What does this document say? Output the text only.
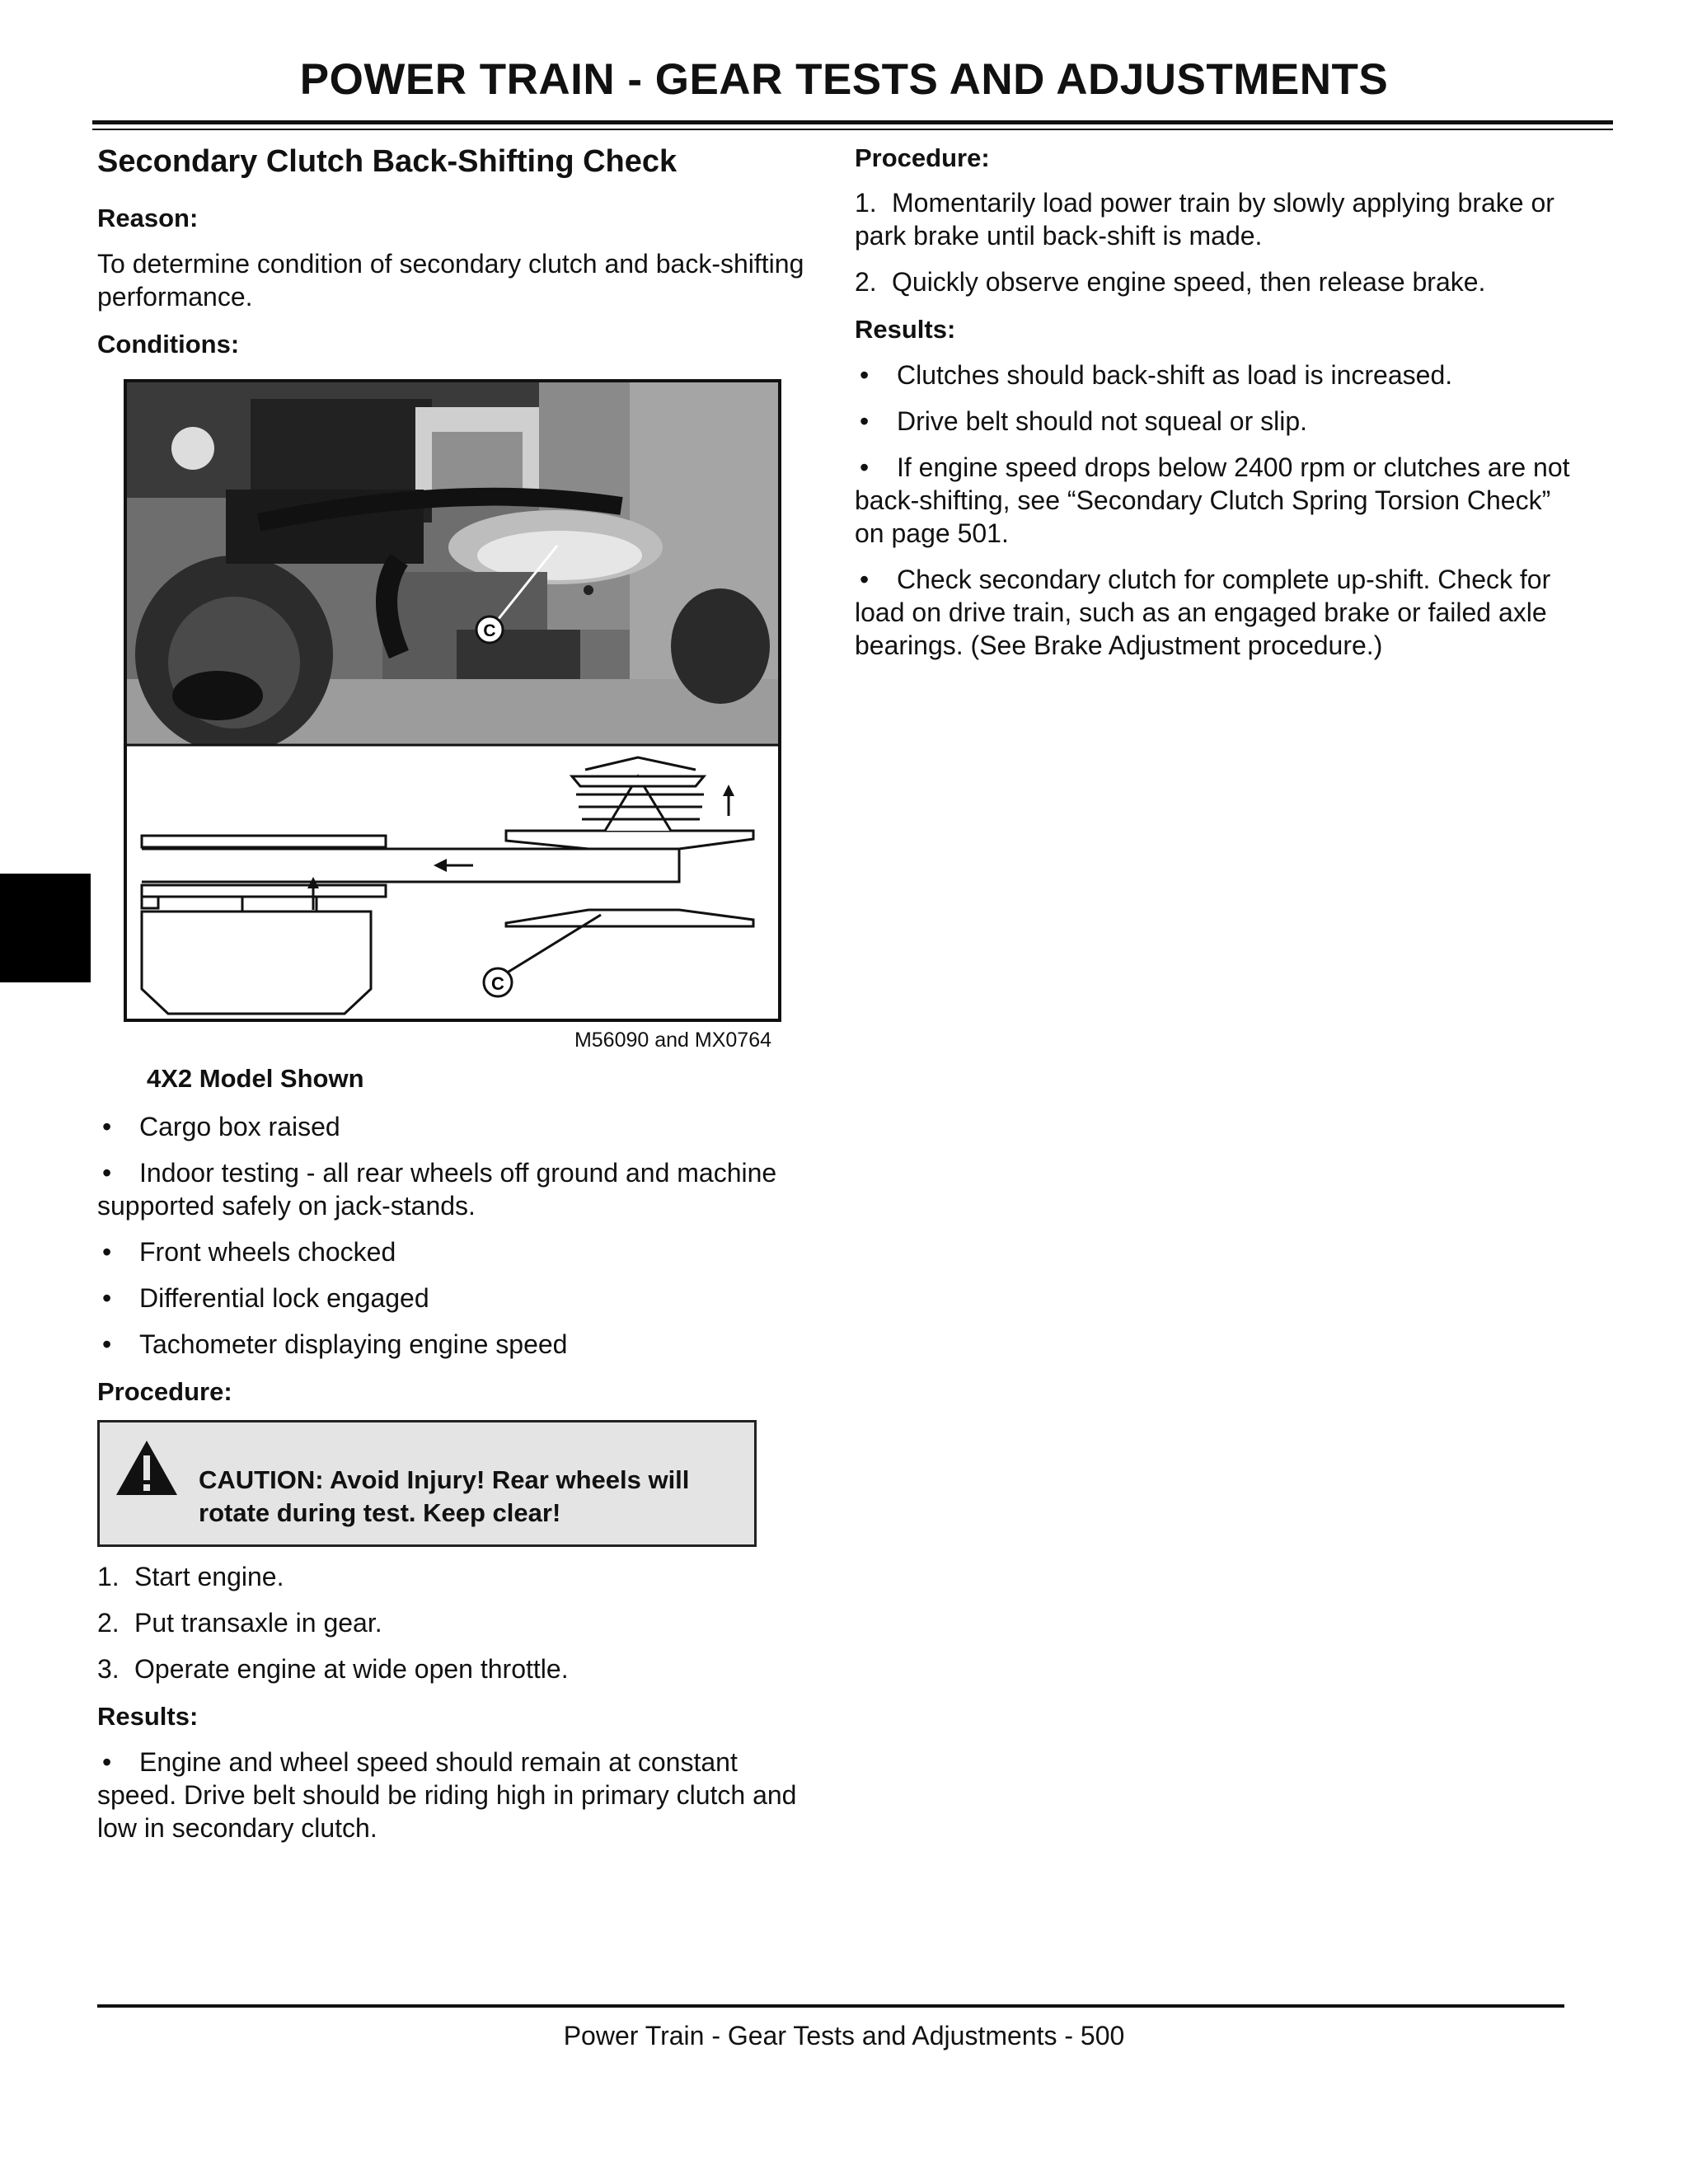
POWER TRAIN - GEAR TESTS AND ADJUSTMENTS
Secondary Clutch Back-Shifting Check
Reason:

To determine condition of secondary clutch and back-shifting performance.

Conditions:
C
C
M56090 and MX0764
4X2 Model Shown
• Cargo box raised
• Indoor testing - all rear wheels off ground and machine supported safely on jack-stands.
• Front wheels chocked
• Differential lock engaged
• Tachometer displaying engine speed
Procedure:
CAUTION: Avoid Injury! Rear wheels will rotate during test. Keep clear!
1. Start engine.
2. Put transaxle in gear.
3. Operate engine at wide open throttle.
Results:
• Engine and wheel speed should remain at constant speed. Drive belt should be riding high in primary clutch and low in secondary clutch.
Procedure:
1. Momentarily load power train by slowly applying brake or park brake until back-shift is made.
2. Quickly observe engine speed, then release brake.
Results:
• Clutches should back-shift as load is increased.
• Drive belt should not squeal or slip.
• If engine speed drops below 2400 rpm or clutches are not back-shifting, see “Secondary Clutch Spring Torsion Check” on page 501.
• Check secondary clutch for complete up-shift. Check for load on drive train, such as an engaged brake or failed axle bearings. (See Brake Adjustment procedure.)
Power Train - Gear Tests and Adjustments - 500
